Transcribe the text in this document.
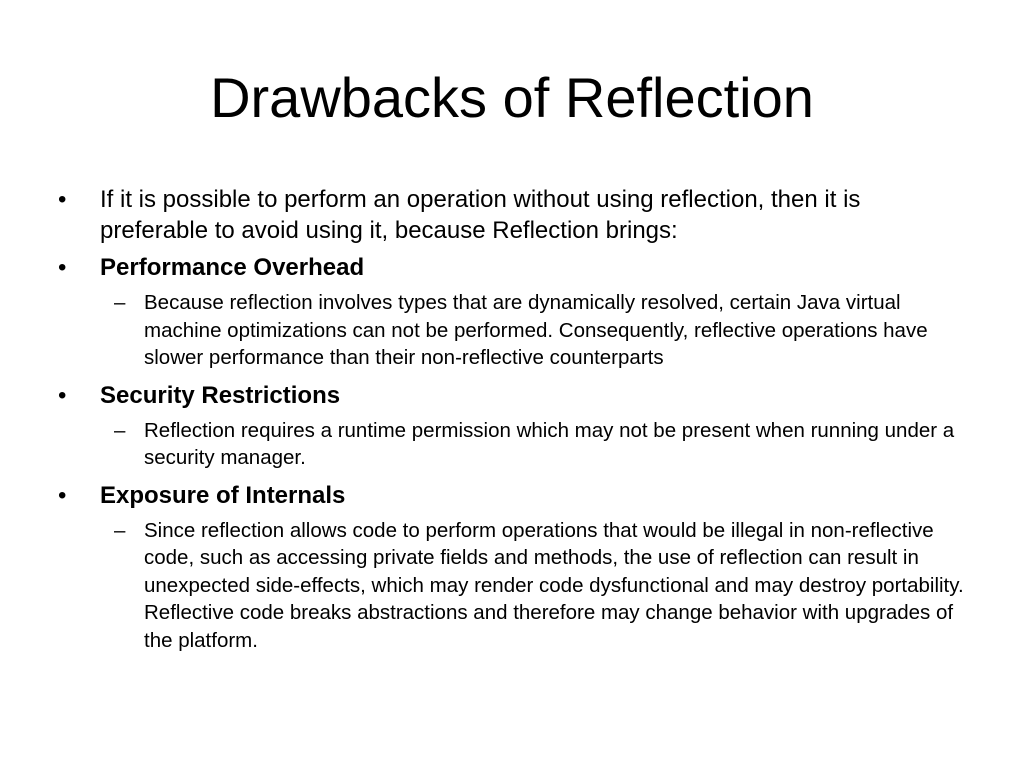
Drawbacks of Reflection
•	If it is possible to perform an operation without using reflection, then it is preferable to avoid using it, because Reflection brings:
•	Performance Overhead
– Because reflection involves types that are dynamically resolved, certain Java virtual machine optimizations can not be performed. Consequently, reflective operations have slower performance than their non-reflective counterparts
•	Security Restrictions
– Reflection requires a runtime permission which may not be present when running under a security manager.
•	Exposure of Internals
– Since reflection allows code to perform operations that would be illegal in non-reflective code, such as accessing private fields and methods, the use of reflection can result in unexpected side-effects, which may render code dysfunctional and may destroy portability. Reflective code breaks abstractions and therefore may change behavior with upgrades of the platform.
